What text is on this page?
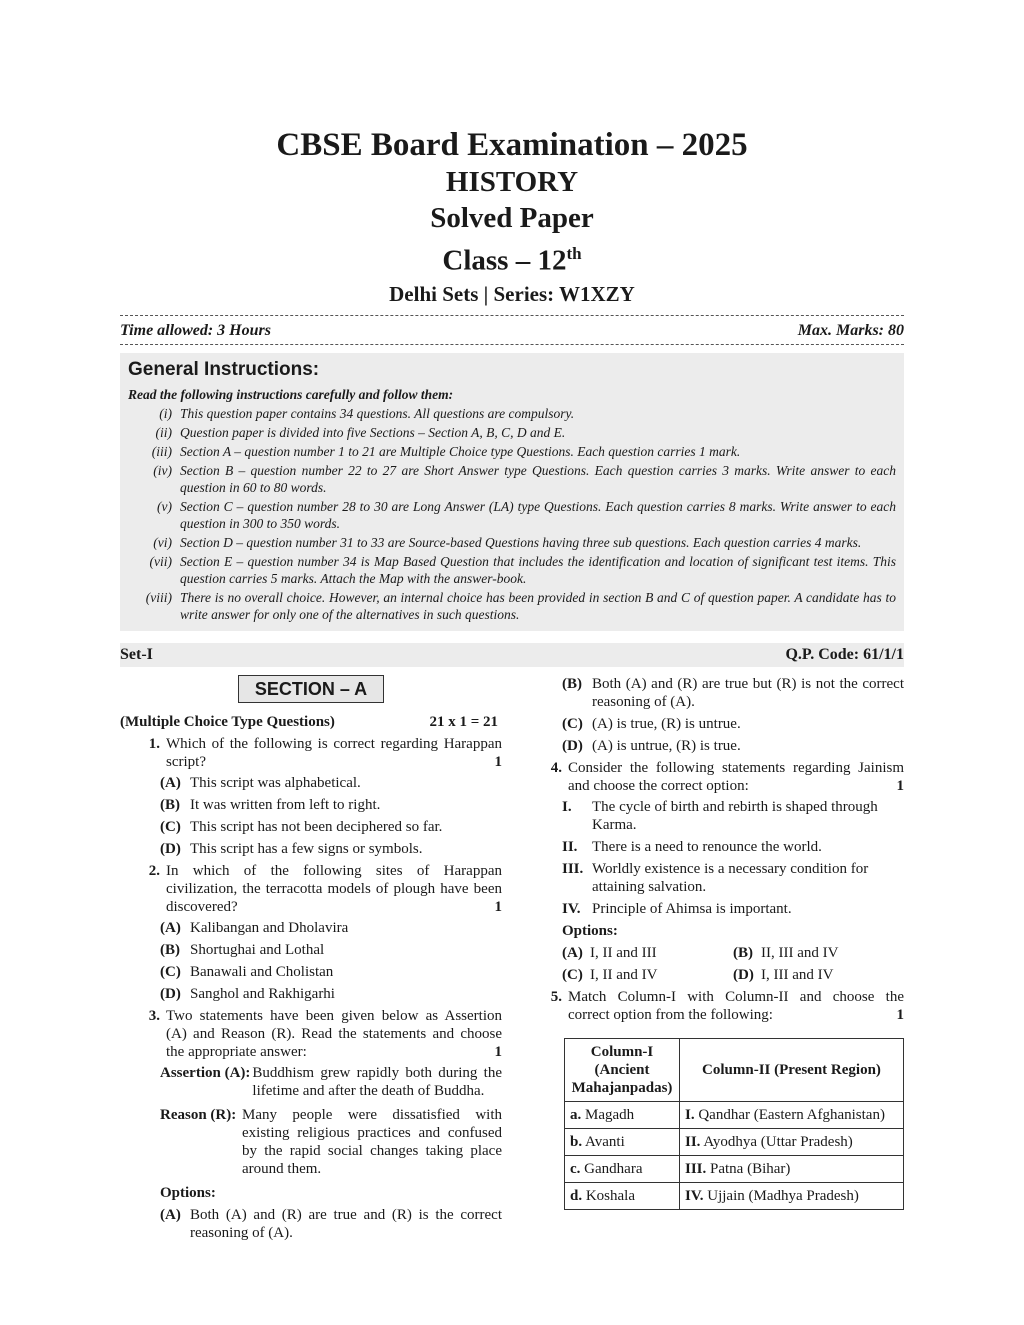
CBSE Board Examination – 2025
HISTORY
Solved Paper
Class – 12th
Delhi Sets | Series: W1XZY
Time allowed: 3 Hours	Max. Marks: 80
General Instructions:
Read the following instructions carefully and follow them:
(i) This question paper contains 34 questions. All questions are compulsory.
(ii) Question paper is divided into five Sections – Section A, B, C, D and E.
(iii) Section A – question number 1 to 21 are Multiple Choice type Questions. Each question carries 1 mark.
(iv) Section B – question number 22 to 27 are Short Answer type Questions. Each question carries 3 marks. Write answer to each question in 60 to 80 words.
(v) Section C – question number 28 to 30 are Long Answer (LA) type Questions. Each question carries 8 marks. Write answer to each question in 300 to 350 words.
(vi) Section D – question number 31 to 33 are Source-based Questions having three sub questions. Each question carries 4 marks.
(vii) Section E – question number 34 is Map Based Question that includes the identification and location of significant test items. This question carries 5 marks. Attach the Map with the answer-book.
(viii) There is no overall choice. However, an internal choice has been provided in section B and C of question paper. A candidate has to write answer for only one of the alternatives in such questions.
Set-I	Q.P. Code: 61/1/1
SECTION – A
(Multiple Choice Type Questions)	21 x 1 = 21
1. Which of the following is correct regarding Harappan script?	1
(A) This script was alphabetical.
(B) It was written from left to right.
(C) This script has not been deciphered so far.
(D) This script has a few signs or symbols.
2. In which of the following sites of Harappan civilization, the terracotta models of plough have been discovered?	1
(A) Kalibangan and Dholavira
(B) Shortughai and Lothal
(C) Banawali and Cholistan
(D) Sanghol and Rakhigarhi
3. Two statements have been given below as Assertion (A) and Reason (R). Read the statements and choose the appropriate answer:	1
Assertion (A): Buddhism grew rapidly both during the lifetime and after the death of Buddha.
Reason (R): Many people were dissatisfied with existing religious practices and confused by the rapid social changes taking place around them.
Options:
(A) Both (A) and (R) are true and (R) is the correct reasoning of (A).
(B) Both (A) and (R) are true but (R) is not the correct reasoning of (A).
(C) (A) is true, (R) is untrue.
(D) (A) is untrue, (R) is true.
4. Consider the following statements regarding Jainism and choose the correct option:	1
I.	The cycle of birth and rebirth is shaped through Karma.
II. There is a need to renounce the world.
III. Worldly existence is a necessary condition for attaining salvation.
IV. Principle of Ahimsa is important.
Options:
(A) I, II and III	(B) II, III and IV
(C) I, II and IV	(D) I, III and IV
5. Match Column-I with Column-II and choose the correct option from the following:	1
Column-I (Ancient Mahajanpadas)	Column-II (Present Region)
a. Magadh	I. Qandhar (Eastern Afghanistan)
b. Avanti	II. Ayodhya (Uttar Pradesh)
c. Gandhara	III. Patna (Bihar)
d. Koshala	IV. Ujjain (Madhya Pradesh)
